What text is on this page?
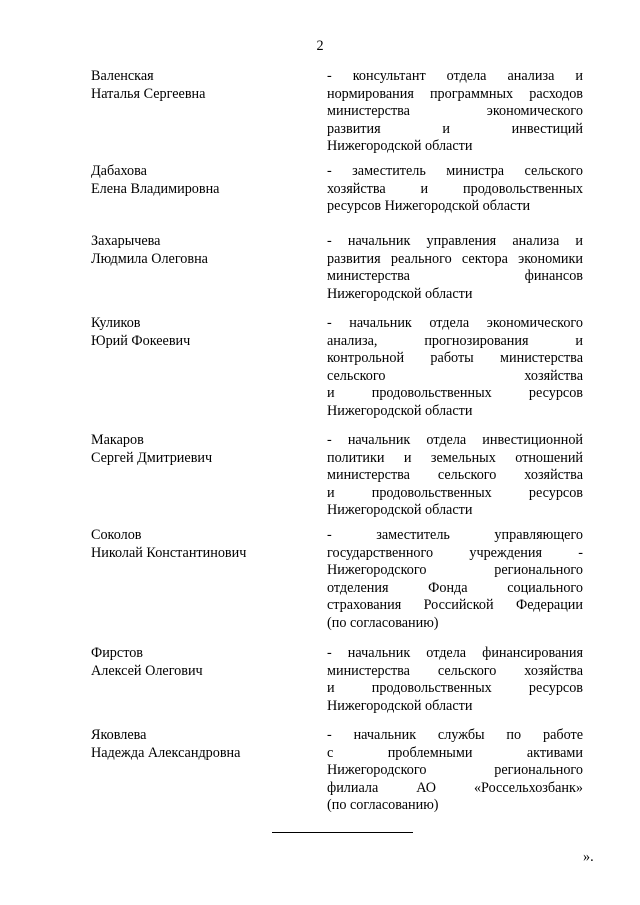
2
Валенская
Наталья Сергеевна
- консультант отдела анализа и
нормирования программных расходов
министерства экономического
развития и инвестиций
Нижегородской области
Дабахова
Елена Владимировна
- заместитель министра сельского
хозяйства и продовольственных
ресурсов Нижегородской области
Захарычева
Людмила Олеговна
- начальник управления анализа и
развития реального сектора экономики
министерства финансов
Нижегородской области
Куликов
Юрий Фокеевич
- начальник отдела экономического
анализа, прогнозирования и
контрольной работы министерства
сельского хозяйства
и продовольственных ресурсов
Нижегородской области
Макаров
Сергей Дмитриевич
- начальник отдела инвестиционной
политики и земельных отношений
министерства сельского хозяйства
и продовольственных ресурсов
Нижегородской области
Соколов
Николай Константинович
- заместитель управляющего
государственного учреждения -
Нижегородского регионального
отделения Фонда социального
страхования Российской Федерации
(по согласованию)
Фирстов
Алексей Олегович
- начальник отдела финансирования
министерства сельского хозяйства
и продовольственных ресурсов
Нижегородской области
Яковлева
Надежда Александровна
- начальник службы по работе
с проблемными активами
Нижегородского регионального
филиала АО «Россельхозбанк»
(по согласованию)
».
